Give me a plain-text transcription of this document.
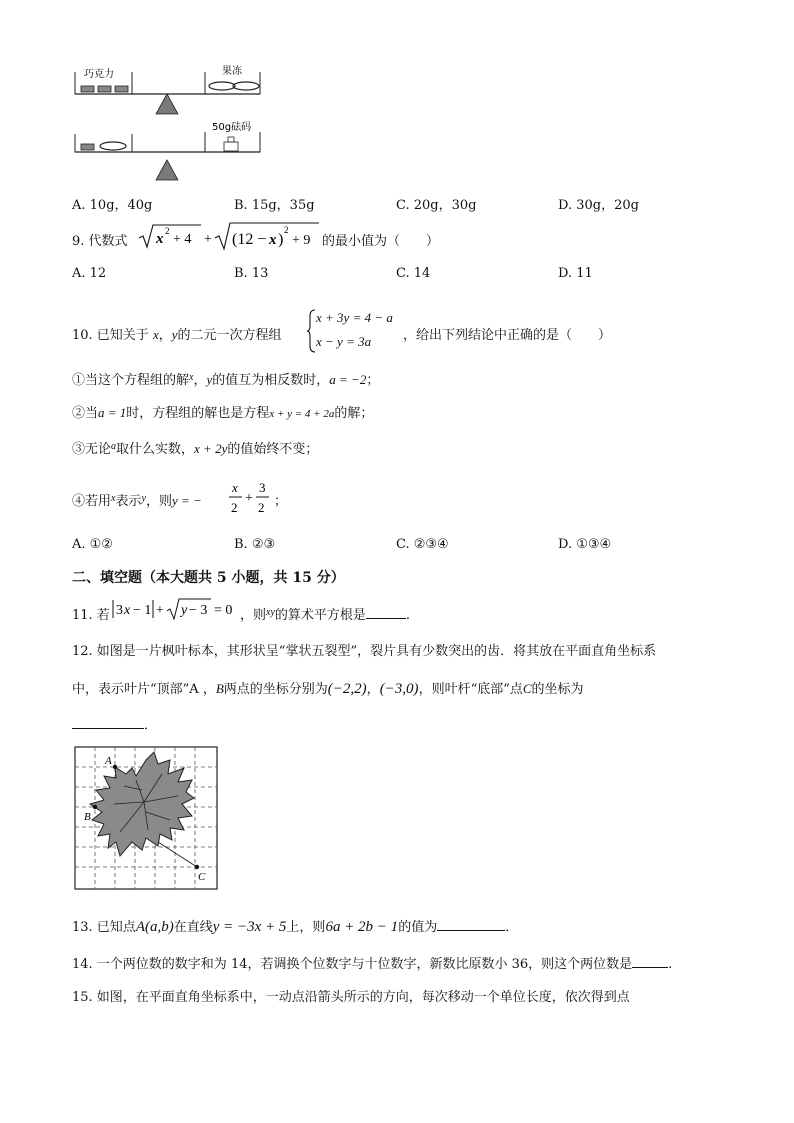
巧克力	果冻
50g砝码
A. 10g，40g	B. 15g，35g	C. 20g，30g	D. 30g，20g
9. 代数式 x 2
+ 4 + (12 − x )
2
+ 9 的最小值为（　　）
A. 12	B. 13	C. 14	D. 11
10. 已知关于 x，y的二元一次方程组
x + 3y = 4 − a
x − y = 3a ，给出下列结论中正确的是（　　）
①当这个方程组的解$^x$，y的值互为相反数时，a = −2；
②当a = 1时，方程组的解也是方程x + y = 4 + 2a的解；
③无论$^a$取什么实数，x + 2y的值始终不变；
④若用$^x$表示$^y$，则y = −
x
2
+
3
2 ；
A. ①②	B. ②③	C. ②③④	D. ①③④
二、填空题（本大题共 5 小题，共 15 分）
11. 若 3 x − 1 + y − 3 = 0 ，则$^{xy}$的算术平方根是	.
12. 如图是一片枫叶标本，其形状呈“掌状五裂型”，裂片具有少数突出的齿．将其放在平面直角坐标系
中，表示叶片“顶部”A ，B两点的坐标分别为(−2,2)，(−3,0)，则叶杆“底部”点C的坐标为
．
A
B
C
13. 已知点A(a,b)在直线y = −3x + 5上，则6a + 2b − 1的值为	．
14. 一个两位数的数字和为 14，若调换个位数字与十位数字，新数比原数小 36，则这个两位数是	.
15. 如图，在平面直角坐标系中，一动点沿箭头所示的方向，每次移动一个单位长度，依次得到点
